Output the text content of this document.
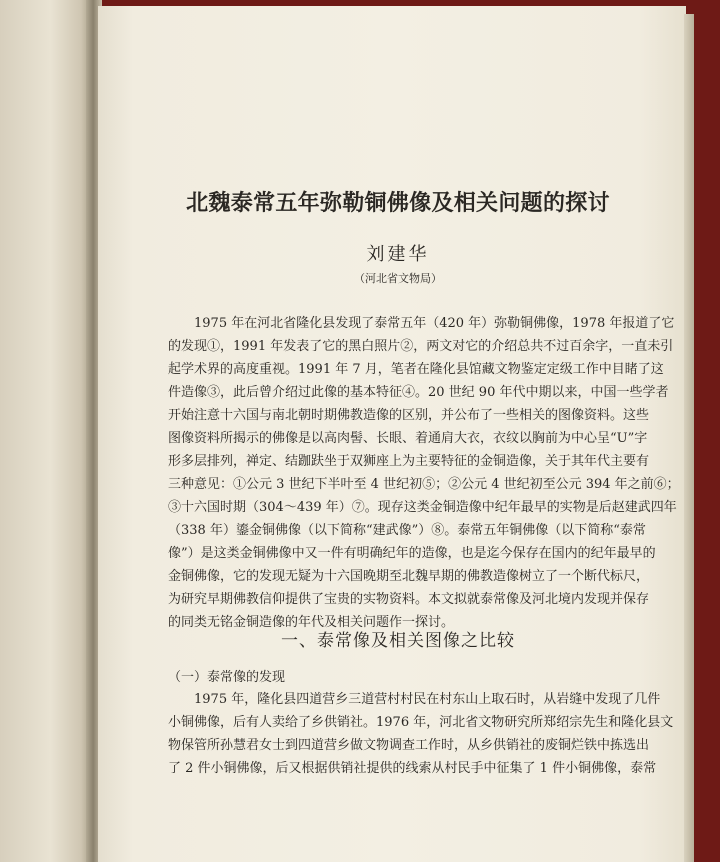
北魏泰常五年弥勒铜佛像及相关问题的探讨
刘建华
（河北省文物局）
　　1975 年在河北省隆化县发现了泰常五年（420 年）弥勒铜佛像，1978 年报道了它
的发现①，1991 年发表了它的黑白照片②，两文对它的介绍总共不过百余字，一直未引
起学术界的高度重视。1991 年 7 月，笔者在隆化县馆藏文物鉴定定级工作中目睹了这
件造像③，此后曾介绍过此像的基本特征④。20 世纪 90 年代中期以来，中国一些学者
开始注意十六国与南北朝时期佛教造像的区别，并公布了一些相关的图像资料。这些
图像资料所揭示的佛像是以高肉髻、长眼、着通肩大衣，衣纹以胸前为中心呈“U”字
形多层排列，禅定、结跏趺坐于双狮座上为主要特征的金铜造像，关于其年代主要有
三种意见：①公元 3 世纪下半叶至 4 世纪初⑤；②公元 4 世纪初至公元 394 年之前⑥；
③十六国时期（304～439 年）⑦。现存这类金铜造像中纪年最早的实物是后赵建武四年
（338 年）鎏金铜佛像（以下简称“建武像”）⑧。泰常五年铜佛像（以下简称“泰常
像”）是这类金铜佛像中又一件有明确纪年的造像，也是迄今保存在国内的纪年最早的
金铜佛像，它的发现无疑为十六国晚期至北魏早期的佛教造像树立了一个断代标尺，
为研究早期佛教信仰提供了宝贵的实物资料。本文拟就泰常像及河北境内发现并保存
的同类无铭金铜造像的年代及相关问题作一探讨。
一、泰常像及相关图像之比较
（一）泰常像的发现
　　1975 年，隆化县四道营乡三道营村村民在村东山上取石时，从岩缝中发现了几件
小铜佛像，后有人卖给了乡供销社。1976 年，河北省文物研究所郑绍宗先生和隆化县文
物保管所孙慧君女士到四道营乡做文物调查工作时，从乡供销社的废铜烂铁中拣选出
了 2 件小铜佛像，后又根据供销社提供的线索从村民手中征集了 1 件小铜佛像，泰常
